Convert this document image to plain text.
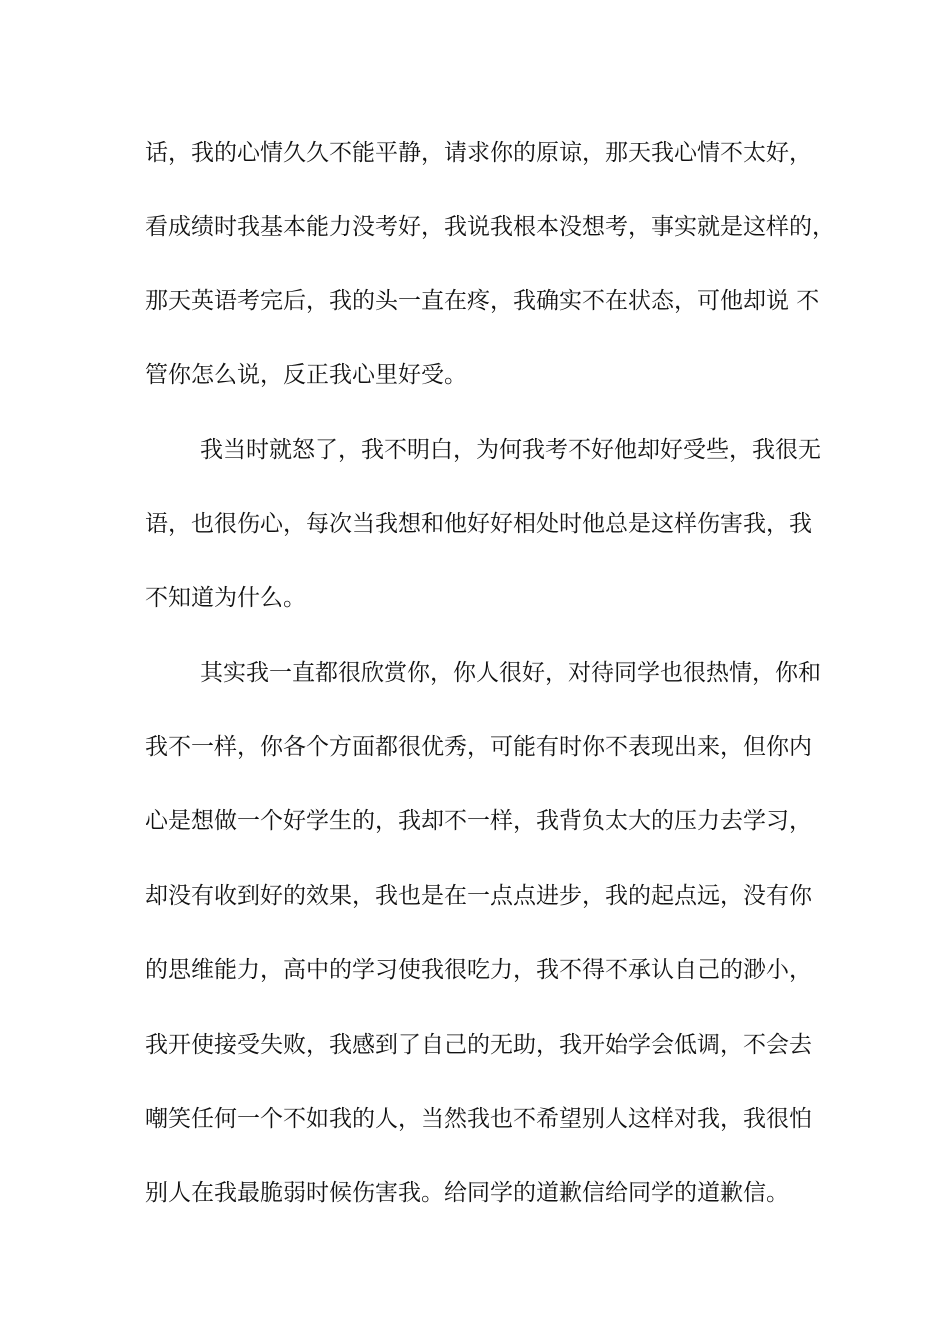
话，我的心情久久不能平静，请求你的原谅，那天我心情不太好，
看成绩时我基本能力没考好，我说我根本没想考，事实就是这样的，
那天英语考完后，我的头一直在疼，我确实不在状态，可他却说 不
管你怎么说，反正我心里好受。
我当时就怒了，我不明白，为何我考不好他却好受些，我很无
语，也很伤心，每次当我想和他好好相处时他总是这样伤害我，我
不知道为什么。
其实我一直都很欣赏你，你人很好，对待同学也很热情，你和
我不一样，你各个方面都很优秀，可能有时你不表现出来，但你内
心是想做一个好学生的，我却不一样，我背负太大的压力去学习，
却没有收到好的效果，我也是在一点点进步，我的起点远，没有你
的思维能力，高中的学习使我很吃力，我不得不承认自己的渺小，
我开使接受失败，我感到了自己的无助，我开始学会低调，不会去
嘲笑任何一个不如我的人，当然我也不希望别人这样对我，我很怕
别人在我最脆弱时候伤害我。给同学的道歉信给同学的道歉信。
